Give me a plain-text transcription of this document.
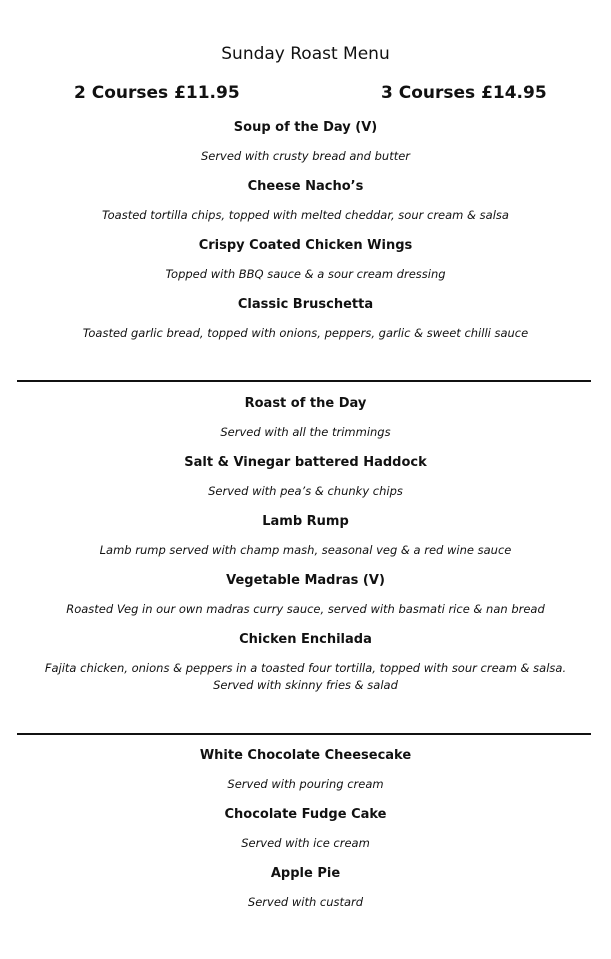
Sunday Roast Menu
2 Courses £11.95	3 Courses £14.95
Soup of the Day (V)
Served with crusty bread and butter
Cheese Nacho’s
Toasted tortilla chips, topped with melted cheddar, sour cream & salsa
Crispy Coated Chicken Wings
Topped with BBQ sauce & a sour cream dressing
Classic Bruschetta
Toasted garlic bread, topped with onions, peppers, garlic & sweet chilli sauce
Roast of the Day
Served with all the trimmings
Salt & Vinegar battered Haddock
Served with pea’s & chunky chips
Lamb Rump
Lamb rump served with champ mash, seasonal veg & a red wine sauce
Vegetable Madras (V)
Roasted Veg in our own madras curry sauce, served with basmati rice & nan bread
Chicken Enchilada
Fajita chicken, onions & peppers in a toasted four tortilla, topped with sour cream & salsa.
Served with skinny fries & salad
White Chocolate Cheesecake
Served with pouring cream
Chocolate Fudge Cake
Served with ice cream
Apple Pie
Served with custard
